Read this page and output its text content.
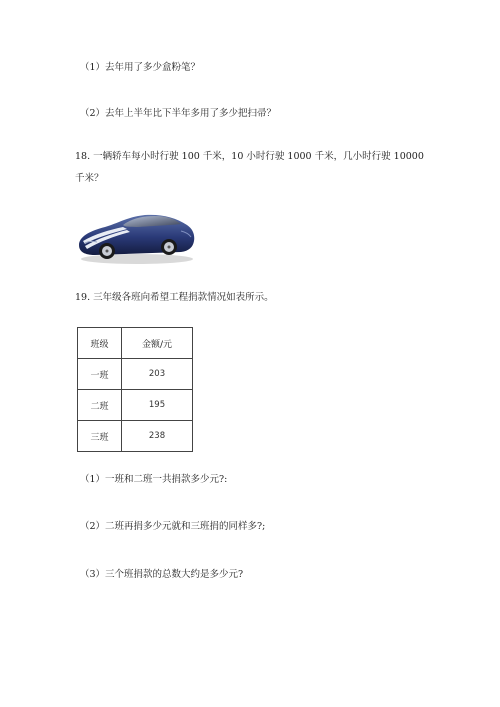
（1）去年用了多少盒粉笔？
（2）去年上半年比下半年多用了多少把扫帚？
18. 一辆轿车每小时行驶 100 千米，10 小时行驶 1000 千米，几小时行驶 10000
千米？
19. 三年级各班向希望工程捐款情况如表所示。
班级	金额/元
一班	203
二班	195
三班	238
（1）一班和二班一共捐款多少元?:
（2）二班再捐多少元就和三班捐的同样多?;
（3）三个班捐款的总数大约是多少元?
